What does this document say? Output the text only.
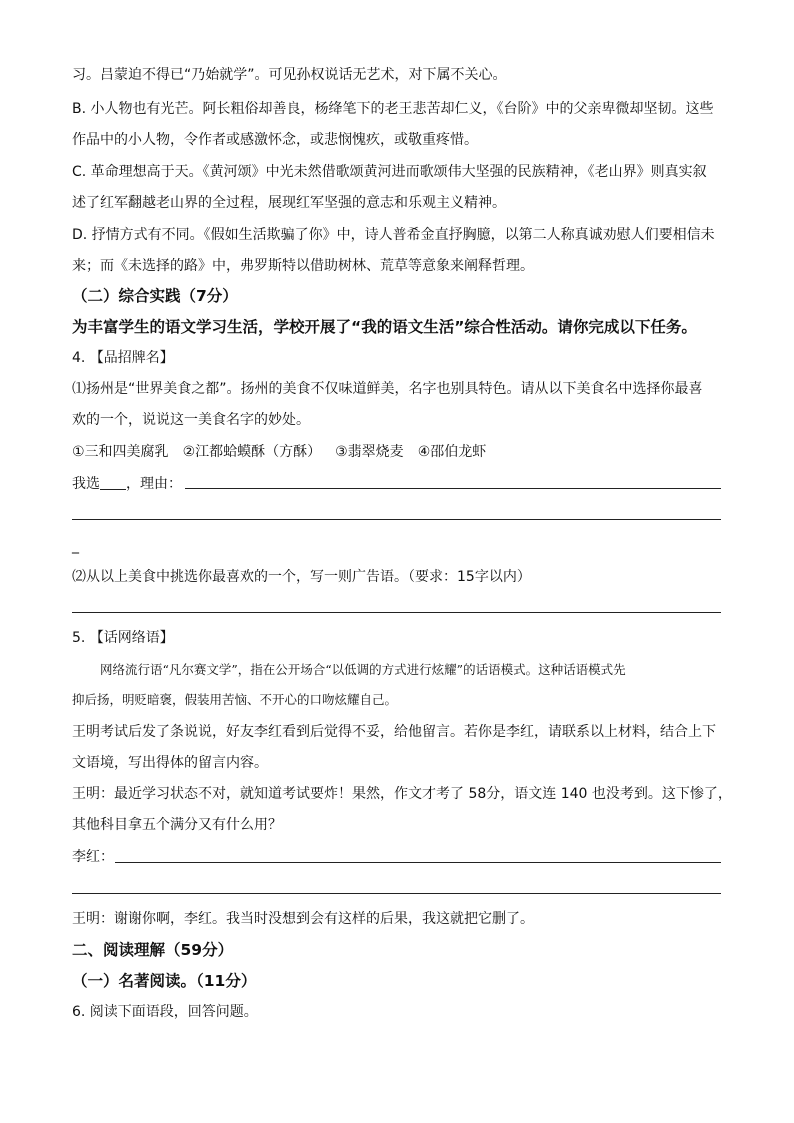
习。吕蒙迫不得已“乃始就学”。可见孙权说话无艺术，对下属不关心。
B. 小人物也有光芒。阿长粗俗却善良，杨绛笔下的老王悲苦却仁义，《台阶》中的父亲卑微却坚韧。这些
作品中的小人物，令作者或感激怀念，或悲悯愧疚，或敬重疼惜。
C. 革命理想高于天。《黄河颂》中光未然借歌颂黄河进而歌颂伟大坚强的民族精神，《老山界》则真实叙
述了红军翻越老山界的全过程，展现红军坚强的意志和乐观主义精神。
D. 抒情方式有不同。《假如生活欺骗了你》中，诗人普希金直抒胸臆，以第二人称真诚劝慰人们要相信未
来；而《未选择的路》中，弗罗斯特以借助树林、荒草等意象来阐释哲理。
（二）综合实践（7分）
为丰富学生的语文学习生活，学校开展了“我的语文生活”综合性活动。请你完成以下任务。
4. 【品招牌名】
⑴扬州是“世界美食之都”。扬州的美食不仅味道鲜美，名字也别具特色。请从以下美食名中选择你最喜
欢的一个，说说这一美食名字的妙处。
①三和四美腐乳 ②江都蛤蟆酥（方酥） ③翡翠烧麦 ④邵伯龙虾
我选 ，理由：
_
⑵从以上美食中挑选你最喜欢的一个，写一则广告语。（要求：15字以内）
5. 【话网络语】
网络流行语“凡尔赛文学”，指在公开场合“以低调的方式进行炫耀”的话语模式。这种话语模式先
抑后扬，明贬暗褒，假装用苦恼、不开心的口吻炫耀自己。
王明考试后发了条说说，好友李红看到后觉得不妥，给他留言。若你是李红，请联系以上材料，结合上下
文语境，写出得体的留言内容。
王明：最近学习状态不对，就知道考试要炸！果然，作文才考了 58分，语文连 140 也没考到。这下惨了，
其他科目拿五个满分又有什么用？
李红：
王明：谢谢你啊，李红。我当时没想到会有这样的后果，我这就把它删了。
二、阅读理解（59分）
（一）名著阅读。（11分）
6. 阅读下面语段，回答问题。
